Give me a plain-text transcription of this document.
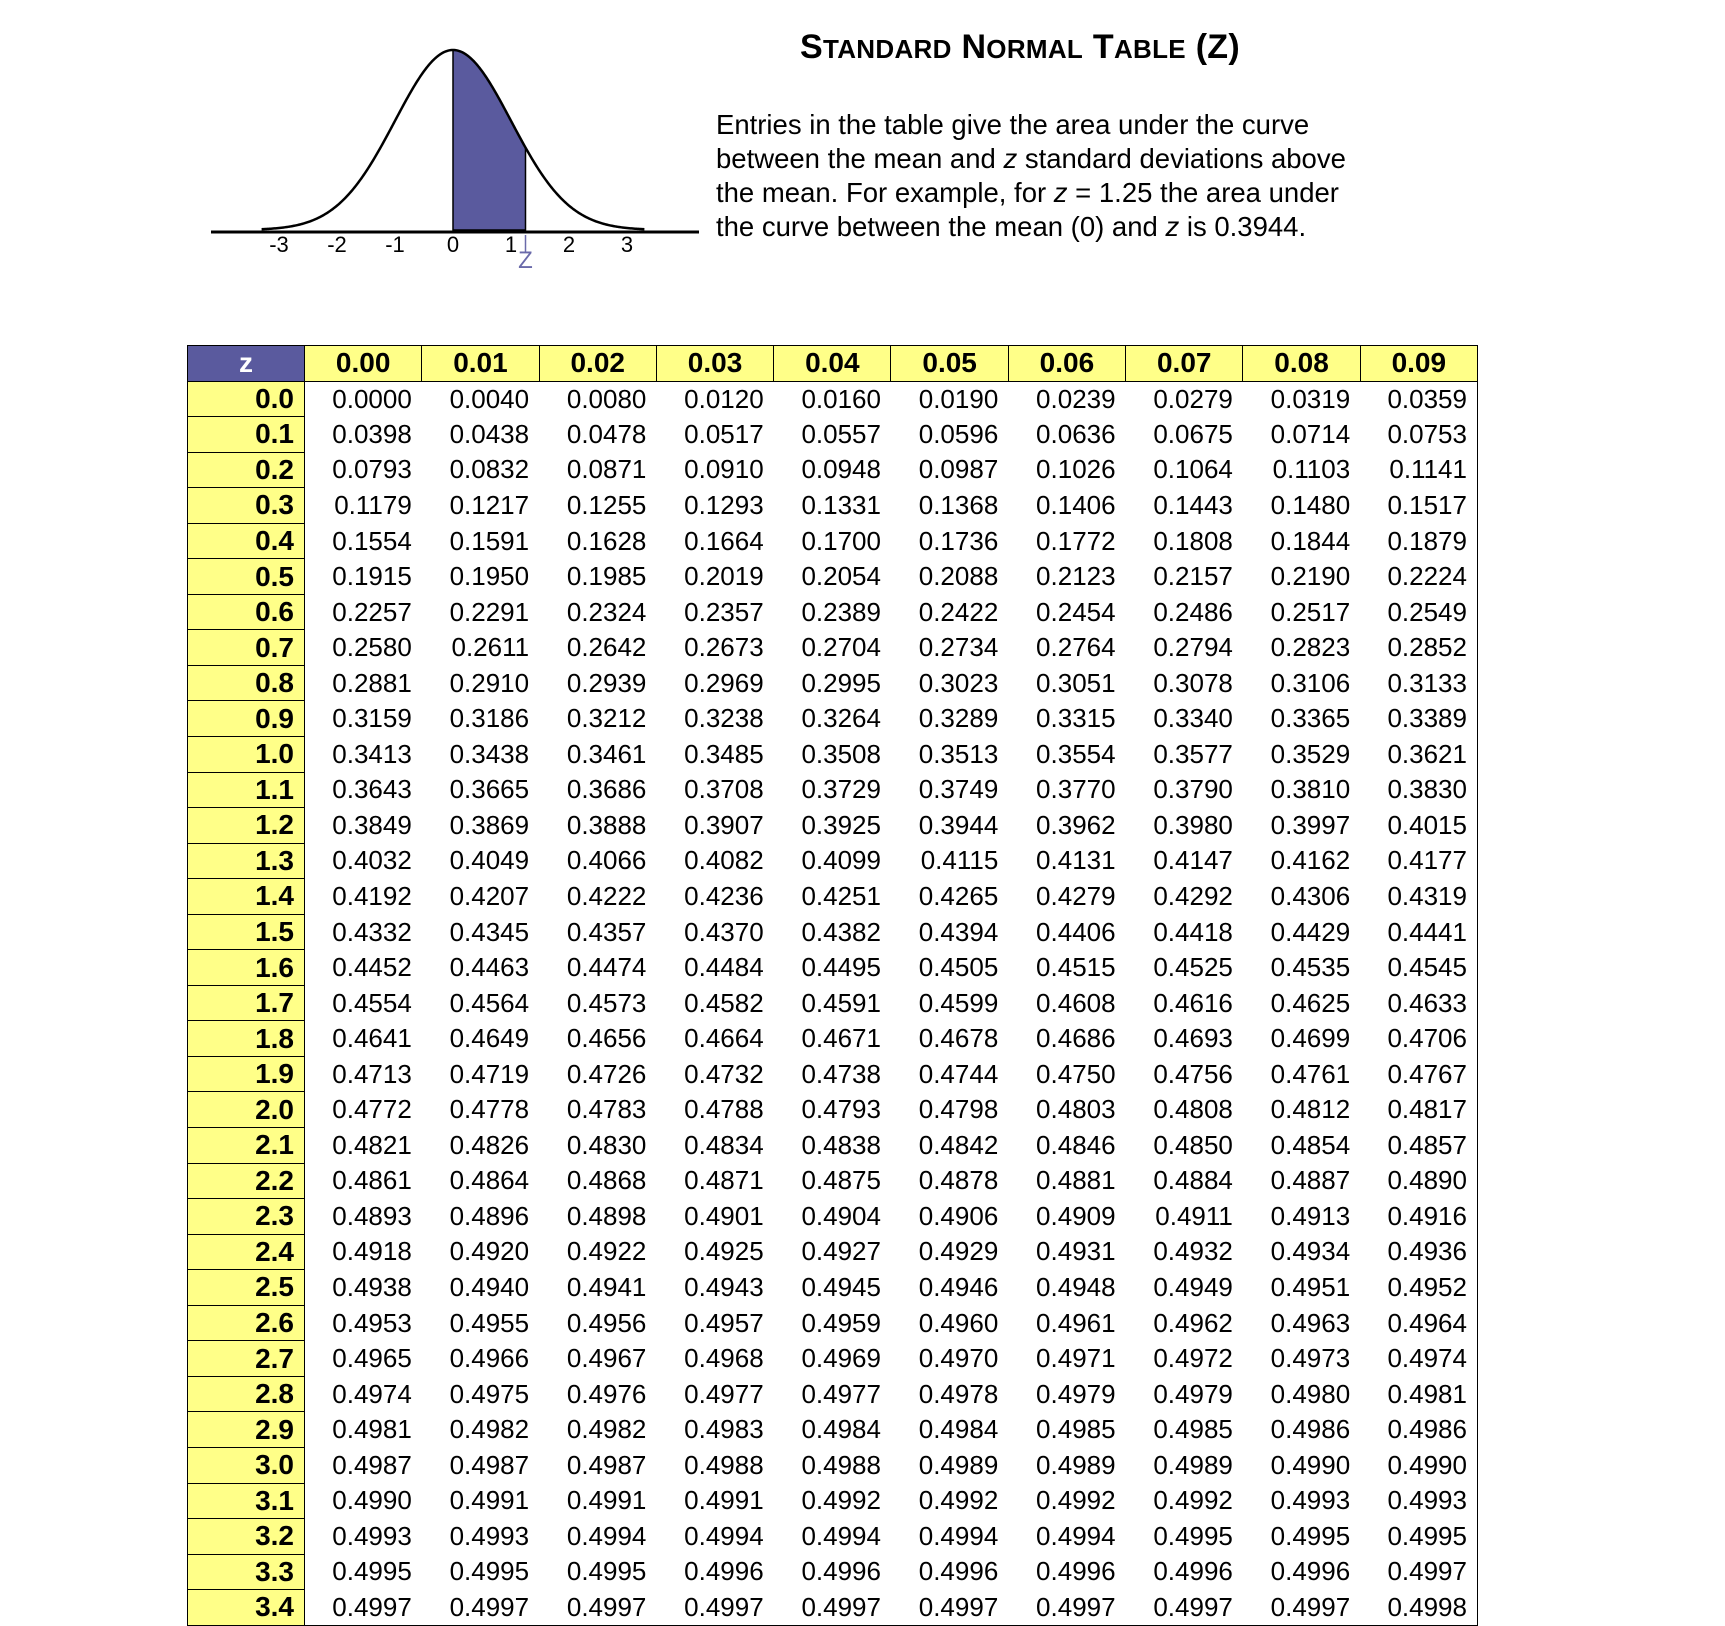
-3 -2 -1 0 1 2 3
Z
STANDARD NORMAL TABLE (Z)
Entries in the table give the area under the curve
between the mean and z standard deviations above
the mean. For example, for z = 1.25 the area under
the curve between the mean (0) and z is 0.3944.
z	0.00	0.01	0.02	0.03	0.04	0.05	0.06	0.07	0.08	0.09
0.0	0.0000	0.0040	0.0080	0.0120	0.0160	0.0190	0.0239	0.0279	0.0319	0.0359
0.1	0.0398	0.0438	0.0478	0.0517	0.0557	0.0596	0.0636	0.0675	0.0714	0.0753
0.2	0.0793	0.0832	0.0871	0.0910	0.0948	0.0987	0.1026	0.1064	0.1103	0.1141
0.3	0.1179	0.1217	0.1255	0.1293	0.1331	0.1368	0.1406	0.1443	0.1480	0.1517
0.4	0.1554	0.1591	0.1628	0.1664	0.1700	0.1736	0.1772	0.1808	0.1844	0.1879
0.5	0.1915	0.1950	0.1985	0.2019	0.2054	0.2088	0.2123	0.2157	0.2190	0.2224
0.6	0.2257	0.2291	0.2324	0.2357	0.2389	0.2422	0.2454	0.2486	0.2517	0.2549
0.7	0.2580	0.2611	0.2642	0.2673	0.2704	0.2734	0.2764	0.2794	0.2823	0.2852
0.8	0.2881	0.2910	0.2939	0.2969	0.2995	0.3023	0.3051	0.3078	0.3106	0.3133
0.9	0.3159	0.3186	0.3212	0.3238	0.3264	0.3289	0.3315	0.3340	0.3365	0.3389
1.0	0.3413	0.3438	0.3461	0.3485	0.3508	0.3513	0.3554	0.3577	0.3529	0.3621
1.1	0.3643	0.3665	0.3686	0.3708	0.3729	0.3749	0.3770	0.3790	0.3810	0.3830
1.2	0.3849	0.3869	0.3888	0.3907	0.3925	0.3944	0.3962	0.3980	0.3997	0.4015
1.3	0.4032	0.4049	0.4066	0.4082	0.4099	0.4115	0.4131	0.4147	0.4162	0.4177
1.4	0.4192	0.4207	0.4222	0.4236	0.4251	0.4265	0.4279	0.4292	0.4306	0.4319
1.5	0.4332	0.4345	0.4357	0.4370	0.4382	0.4394	0.4406	0.4418	0.4429	0.4441
1.6	0.4452	0.4463	0.4474	0.4484	0.4495	0.4505	0.4515	0.4525	0.4535	0.4545
1.7	0.4554	0.4564	0.4573	0.4582	0.4591	0.4599	0.4608	0.4616	0.4625	0.4633
1.8	0.4641	0.4649	0.4656	0.4664	0.4671	0.4678	0.4686	0.4693	0.4699	0.4706
1.9	0.4713	0.4719	0.4726	0.4732	0.4738	0.4744	0.4750	0.4756	0.4761	0.4767
2.0	0.4772	0.4778	0.4783	0.4788	0.4793	0.4798	0.4803	0.4808	0.4812	0.4817
2.1	0.4821	0.4826	0.4830	0.4834	0.4838	0.4842	0.4846	0.4850	0.4854	0.4857
2.2	0.4861	0.4864	0.4868	0.4871	0.4875	0.4878	0.4881	0.4884	0.4887	0.4890
2.3	0.4893	0.4896	0.4898	0.4901	0.4904	0.4906	0.4909	0.4911	0.4913	0.4916
2.4	0.4918	0.4920	0.4922	0.4925	0.4927	0.4929	0.4931	0.4932	0.4934	0.4936
2.5	0.4938	0.4940	0.4941	0.4943	0.4945	0.4946	0.4948	0.4949	0.4951	0.4952
2.6	0.4953	0.4955	0.4956	0.4957	0.4959	0.4960	0.4961	0.4962	0.4963	0.4964
2.7	0.4965	0.4966	0.4967	0.4968	0.4969	0.4970	0.4971	0.4972	0.4973	0.4974
2.8	0.4974	0.4975	0.4976	0.4977	0.4977	0.4978	0.4979	0.4979	0.4980	0.4981
2.9	0.4981	0.4982	0.4982	0.4983	0.4984	0.4984	0.4985	0.4985	0.4986	0.4986
3.0	0.4987	0.4987	0.4987	0.4988	0.4988	0.4989	0.4989	0.4989	0.4990	0.4990
3.1	0.4990	0.4991	0.4991	0.4991	0.4992	0.4992	0.4992	0.4992	0.4993	0.4993
3.2	0.4993	0.4993	0.4994	0.4994	0.4994	0.4994	0.4994	0.4995	0.4995	0.4995
3.3	0.4995	0.4995	0.4995	0.4996	0.4996	0.4996	0.4996	0.4996	0.4996	0.4997
3.4	0.4997	0.4997	0.4997	0.4997	0.4997	0.4997	0.4997	0.4997	0.4997	0.4998
